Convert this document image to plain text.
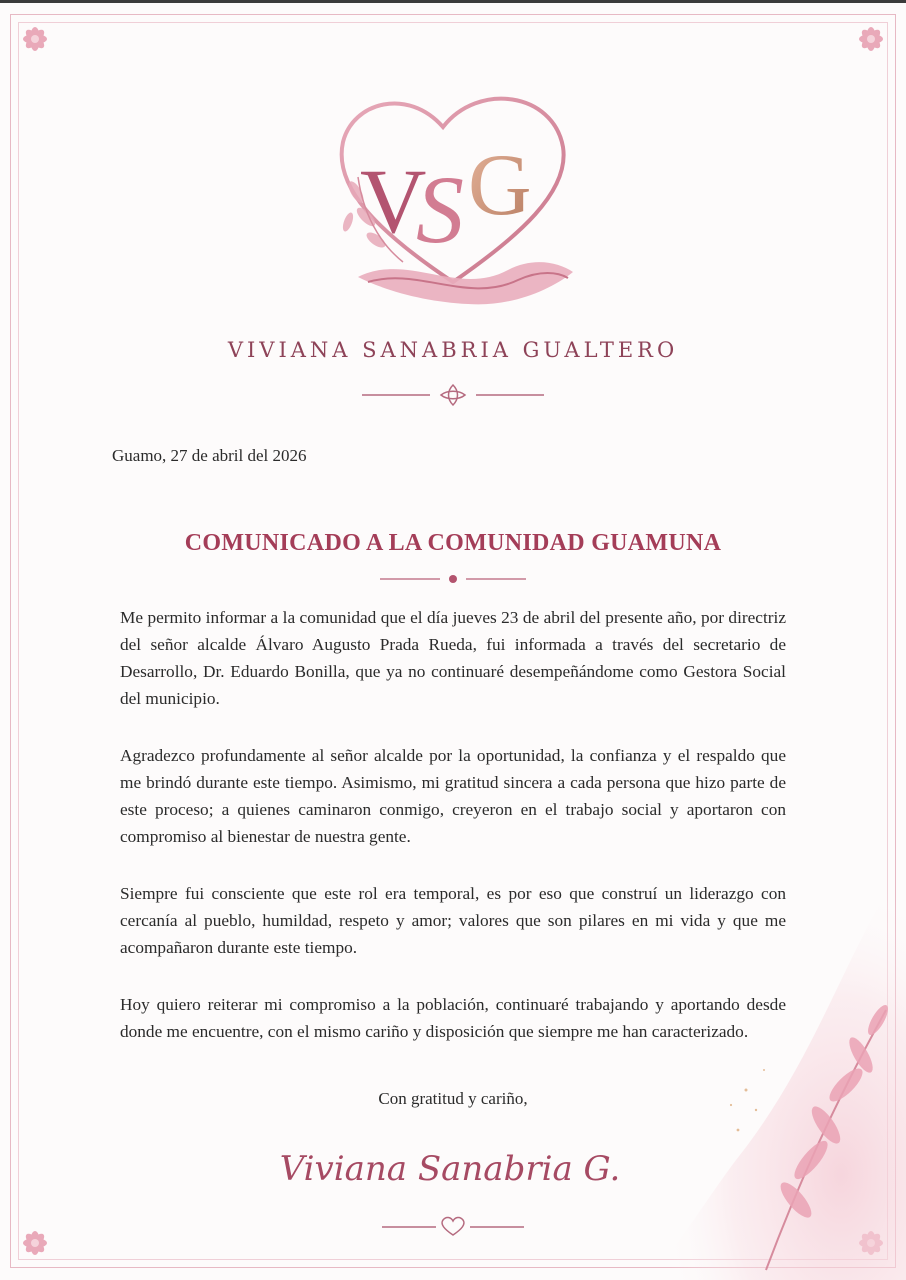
V
S G
VIVIANA SANABRIA GUALTERO
Guamo, 27 de abril del 2026
COMUNICADO A LA COMUNIDAD GUAMUNA

Me permito informar a la comunidad que el día jueves 23 de abril del presente año, por directriz del señor alcalde Álvaro Augusto Prada Rueda, fui informada a través del secretario de Desarrollo, Dr. Eduardo Bonilla, que ya no continuaré desempeñándome como Gestora Social del municipio.

Agradezco profundamente al señor alcalde por la oportunidad, la confianza y el respaldo que me brindó durante este tiempo. Asimismo, mi gratitud sincera a cada persona que hizo parte de este proceso; a quienes caminaron conmigo, creyeron en el trabajo social y aportaron con compromiso al bienestar de nuestra gente.

Siempre fui consciente que este rol era temporal, es por eso que construí un liderazgo con cercanía al pueblo, humildad, respeto y amor; valores que son pilares en mi vida y que me acompañaron durante este tiempo.

Hoy quiero reiterar mi compromiso a la población, continuaré trabajando y aportando desde donde me encuentre, con el mismo cariño y disposición que siempre me han caracterizado.

Con gratitud y cariño,
Viviana Sanabria G.
